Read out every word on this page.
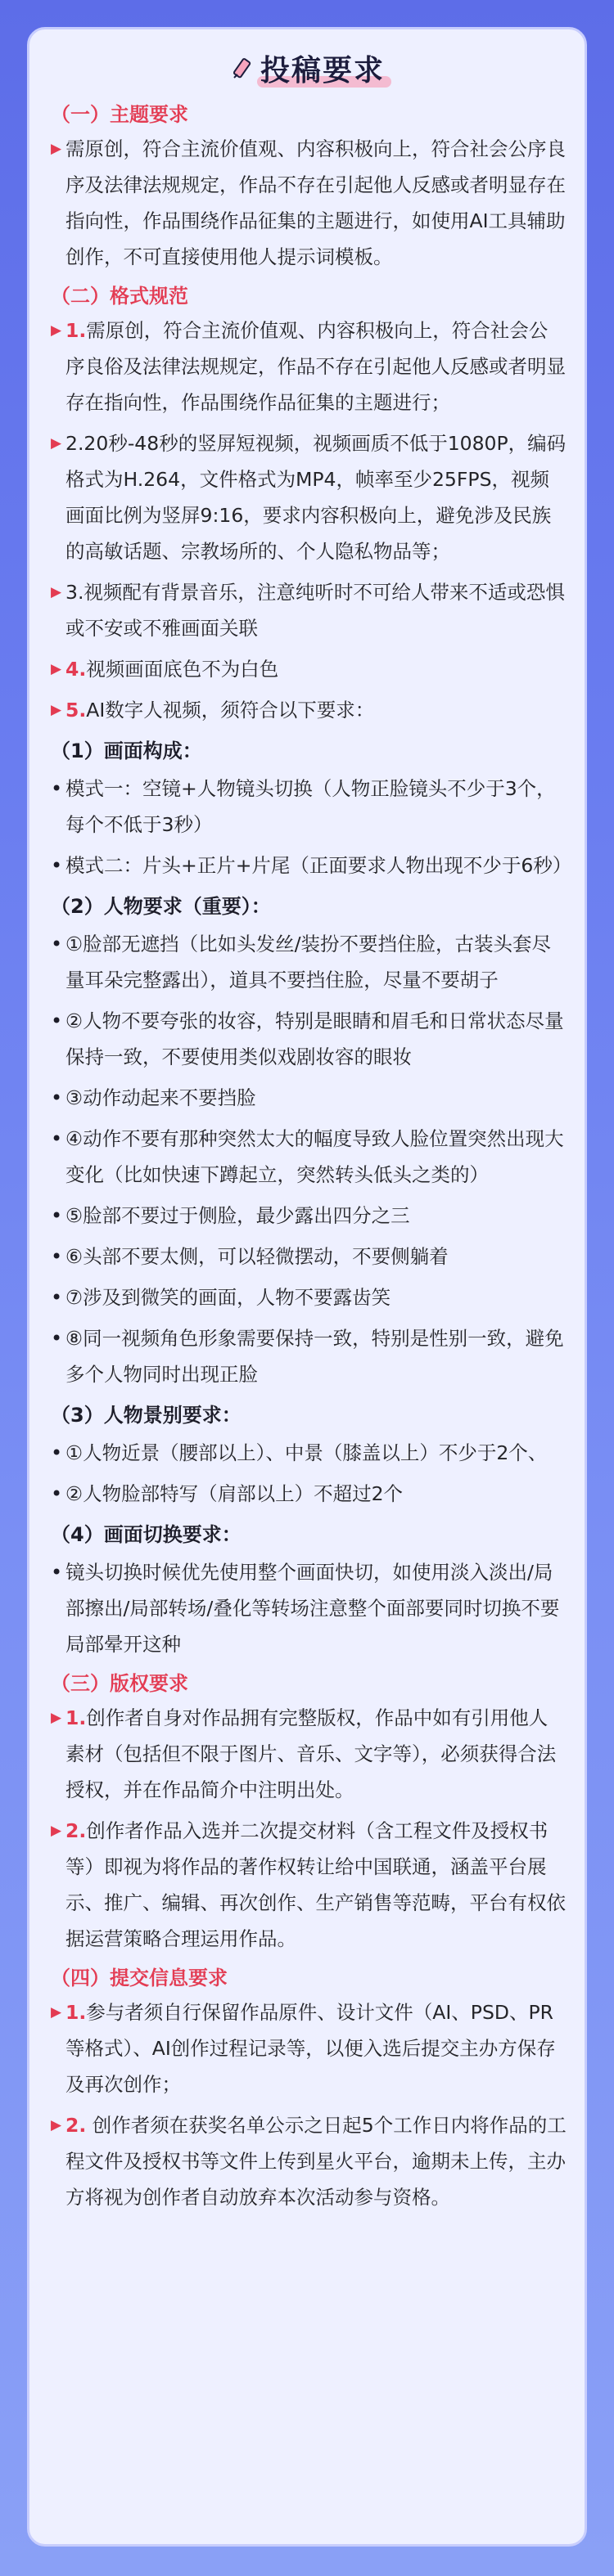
投稿要求
（一）主题要求
▶ 需原创，符合主流价值观、内容积极向上，符合社会公序良序及法律法规规定，作品不存在引起他人反感或者明显存在指向性，作品围绕作品征集的主题进行，如使用AI工具辅助创作，不可直接使用他人提示词模板。
（二）格式规范
▶ 1.需原创，符合主流价值观、内容积极向上，符合社会公序良俗及法律法规规定，作品不存在引起他人反感或者明显存在指向性，作品围绕作品征集的主题进行；
▶ 2.20秒-48秒的竖屏短视频，视频画质不低于1080P，编码格式为H.264，文件格式为MP4，帧率至少25FPS，视频画面比例为竖屏9:16，要求内容积极向上，避免涉及民族的高敏话题、宗教场所的、个人隐私物品等；
▶ 3.视频配有背景音乐，注意纯听时不可给人带来不适或恐惧或不安或不雅画面关联
▶ 4.视频画面底色不为白色
▶ 5.AI数字人视频，须符合以下要求：
（1）画面构成：
• 模式一：空镜+人物镜头切换（人物正脸镜头不少于3个，每个不低于3秒）
• 模式二：片头+正片+片尾（正面要求人物出现不少于6秒）
（2）人物要求（重要）：
• ①脸部无遮挡（比如头发丝/装扮不要挡住脸，古装头套尽量耳朵完整露出），道具不要挡住脸，尽量不要胡子
• ②人物不要夸张的妆容，特别是眼睛和眉毛和日常状态尽量保持一致，不要使用类似戏剧妆容的眼妆
• ③动作动起来不要挡脸
• ④动作不要有那种突然太大的幅度导致人脸位置突然出现大变化（比如快速下蹲起立，突然转头低头之类的）
• ⑤脸部不要过于侧脸，最少露出四分之三
• ⑥头部不要太侧，可以轻微摆动，不要侧躺着
• ⑦涉及到微笑的画面，人物不要露齿笑
• ⑧同一视频角色形象需要保持一致，特别是性别一致，避免多个人物同时出现正脸
（3）人物景别要求：
• ①人物近景（腰部以上）、中景（膝盖以上）不少于2个、
• ②人物脸部特写（肩部以上）不超过2个
（4）画面切换要求：
• 镜头切换时候优先使用整个画面快切，如使用淡入淡出/局部擦出/局部转场/叠化等转场注意整个面部要同时切换不要局部晕开这种
（三）版权要求
▶ 1.创作者自身对作品拥有完整版权，作品中如有引用他人素材（包括但不限于图片、音乐、文字等），必须获得合法授权，并在作品简介中注明出处。
▶ 2.创作者作品入选并二次提交材料（含工程文件及授权书等）即视为将作品的著作权转让给中国联通，涵盖平台展示、推广、编辑、再次创作、生产销售等范畴，平台有权依据运营策略合理运用作品。
（四）提交信息要求
▶ 1.参与者须自行保留作品原件、设计文件（AI、PSD、PR 等格式）、AI创作过程记录等，以便入选后提交主办方保存及再次创作；
▶ 2. 创作者须在获奖名单公示之日起5个工作日内将作品的工程文件及授权书等文件上传到星火平台，逾期未上传，主办方将视为创作者自动放弃本次活动参与资格。
